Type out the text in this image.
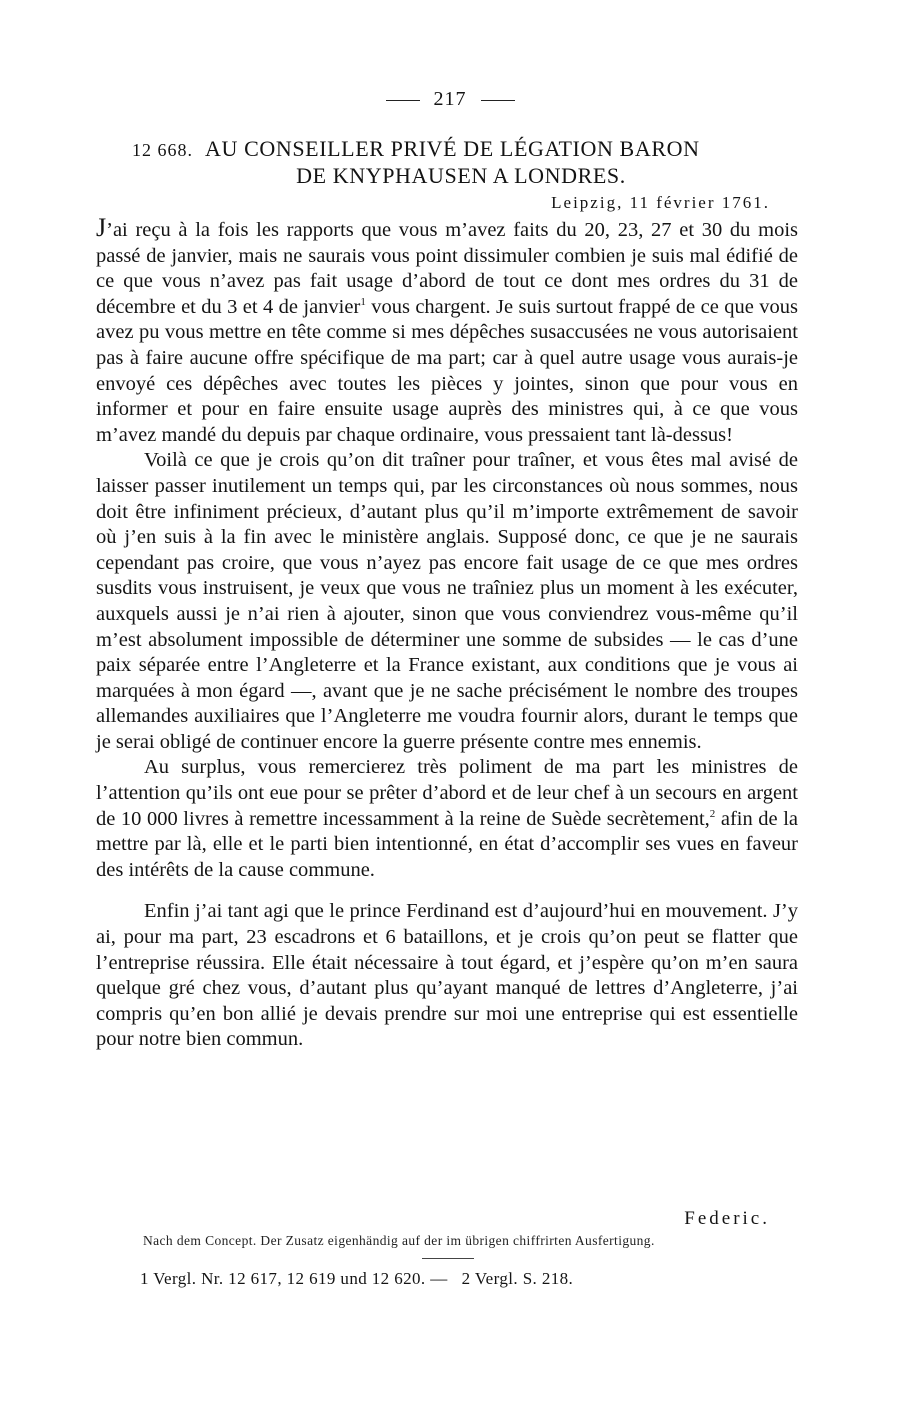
217
12 668. AU CONSEILLER PRIVÉ DE LÉGATION BARON
DE KNYPHAUSEN A LONDRES.
Leipzig, 11 février 1761.

J’ai reçu à la fois les rapports que vous m’avez faits du 20, 23, 27 et 30 du mois passé de janvier, mais ne saurais vous point dissimuler combien je suis mal édifié de ce que vous n’avez pas fait usage d’abord de tout ce dont mes ordres du 31 de décembre et du 3 et 4 de janvier$^1$ vous chargent. Je suis surtout frappé de ce que vous avez pu vous mettre en tête comme si mes dépêches susaccusées ne vous autorisaient pas à faire aucune offre spécifique de ma part; car à quel autre usage vous aurais-je envoyé ces dépêches avec toutes les pièces y jointes, sinon que pour vous en informer et pour en faire ensuite usage auprès des ministres qui, à ce que vous m’avez mandé du depuis par chaque ordinaire, vous pressaient tant là-dessus!

Voilà ce que je crois qu’on dit traîner pour traîner, et vous êtes mal avisé de laisser passer inutilement un temps qui, par les circonstances où nous sommes, nous doit être infiniment précieux, d’autant plus qu’il m’importe extrêmement de savoir où j’en suis à la fin avec le ministère anglais. Supposé donc, ce que je ne saurais cependant pas croire, que vous n’ayez pas encore fait usage de ce que mes ordres susdits vous instruisent, je veux que vous ne traîniez plus un moment à les exécuter, auxquels aussi je n’ai rien à ajouter, sinon que vous conviendrez vous-même qu’il m’est absolument impossible de déterminer une somme de subsides — le cas d’une paix séparée entre l’Angleterre et la France existant, aux conditions que je vous ai marquées à mon égard —, avant que je ne sache précisément le nombre des troupes allemandes auxiliaires que l’Angleterre me voudra fournir alors, durant le temps que je serai obligé de continuer encore la guerre présente contre mes ennemis.

Au surplus, vous remercierez très poliment de ma part les ministres de l’attention qu’ils ont eue pour se prêter d’abord et de leur chef à un secours en argent de 10 000 livres à remettre incessamment à la reine de Suède secrètement,$^2$ afin de la mettre par là, elle et le parti bien intentionné, en état d’accomplir ses vues en faveur des intérêts de la cause commune.

Enfin j’ai tant agi que le prince Ferdinand est d’aujourd’hui en mouvement. J’y ai, pour ma part, 23 escadrons et 6 bataillons, et je crois qu’on peut se flatter que l’entreprise réussira. Elle était nécessaire à tout égard, et j’espère qu’on m’en saura quelque gré chez vous, d’autant plus qu’ayant manqué de lettres d’Angleterre, j’ai compris qu’en bon allié je devais prendre sur moi une entreprise qui est essentielle pour notre bien commun.

Federic.
Nach dem Concept. Der Zusatz eigenhändig auf der im übrigen chiffrirten Ausfertigung.
1 Vergl. Nr. 12 617, 12 619 und 12 620. — 2 Vergl. S. 218.
